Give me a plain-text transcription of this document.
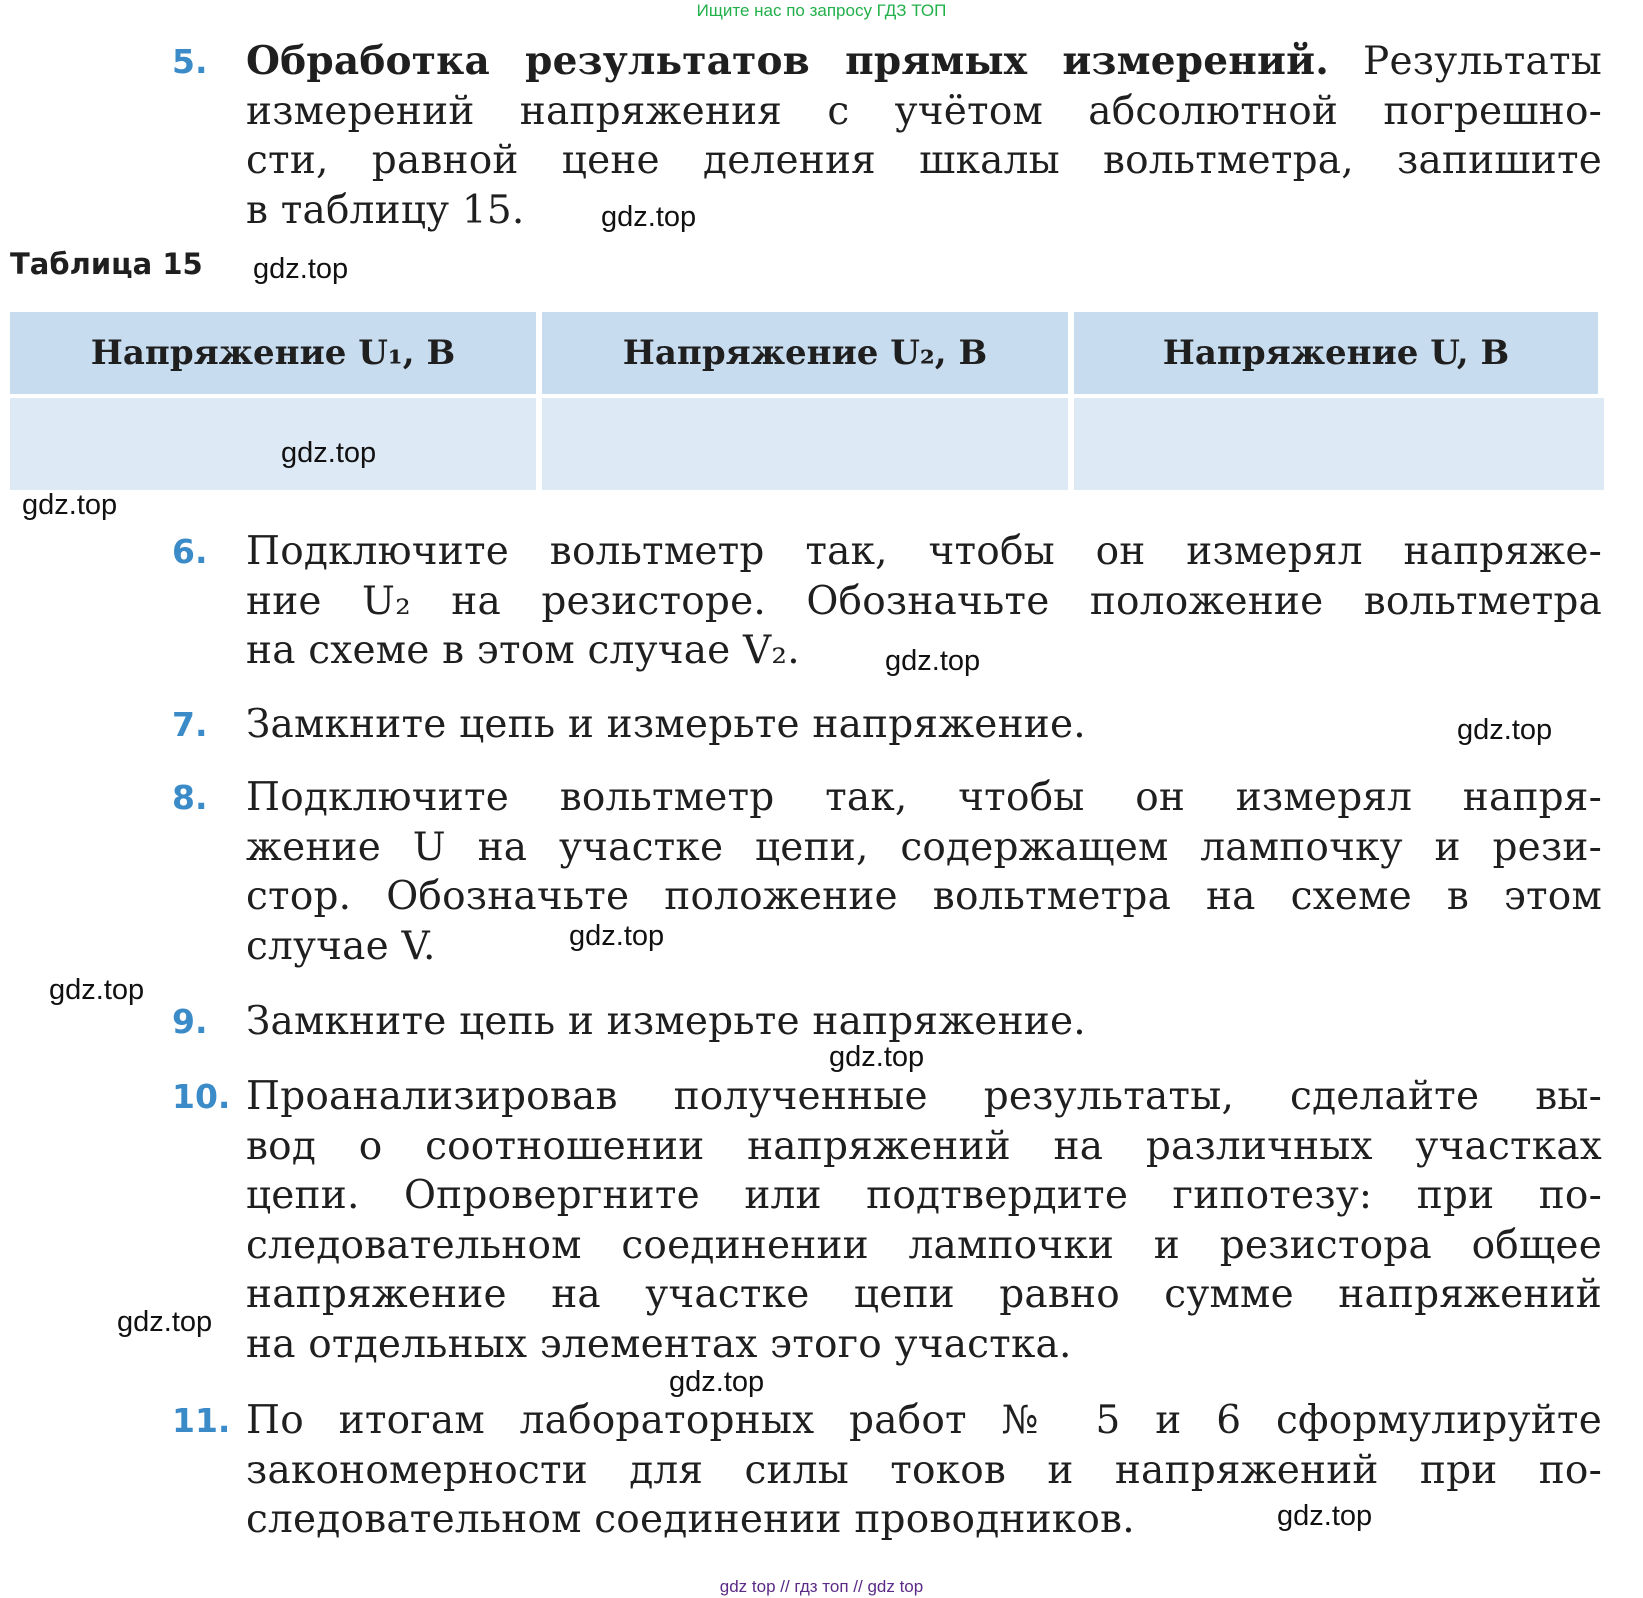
Ищите нас по запросу ГДЗ ТОП
5. Обработка результатов прямых измерений. Результаты
измерений напряжения с учётом абсолютной погрешно-
сти, равной цене деления шкалы вольтметра, запишите
в таблицу 15.
Таблица 15
Напряжение U₁, В	Напряжение U₂, В	Напряжение U, В
6. Подключите вольтметр так, чтобы он измерял напряже-
ние U₂ на резисторе. Обозначьте положение вольтметра
на схеме в этом случае V₂.
7. Замкните цепь и измерьте напряжение.
8. Подключите вольтметр так, чтобы он измерял напря-
жение U на участке цепи, содержащем лампочку и рези-
стор. Обозначьте положение вольтметра на схеме в этом
случае V.
9. Замкните цепь и измерьте напряжение.
10. Проанализировав полученные результаты, сделайте вы-
вод о соотношении напряжений на различных участках
цепи. Опровергните или подтвердите гипотезу: при по-
следовательном соединении лампочки и резистора общее
напряжение на участке цепи равно сумме напряжений
на отдельных элементах этого участка.
11. По итогам лабораторных работ № 5 и 6 сформулируйте
закономерности для силы токов и напряжений при по-
следовательном соединении проводников.
gdz.top
gdz.top
gdz.top
gdz.top
gdz.top
gdz.top
gdz.top
gdz.top
gdz.top
gdz.top
gdz.top
gdz.top
gdz top // гдз топ // gdz top
